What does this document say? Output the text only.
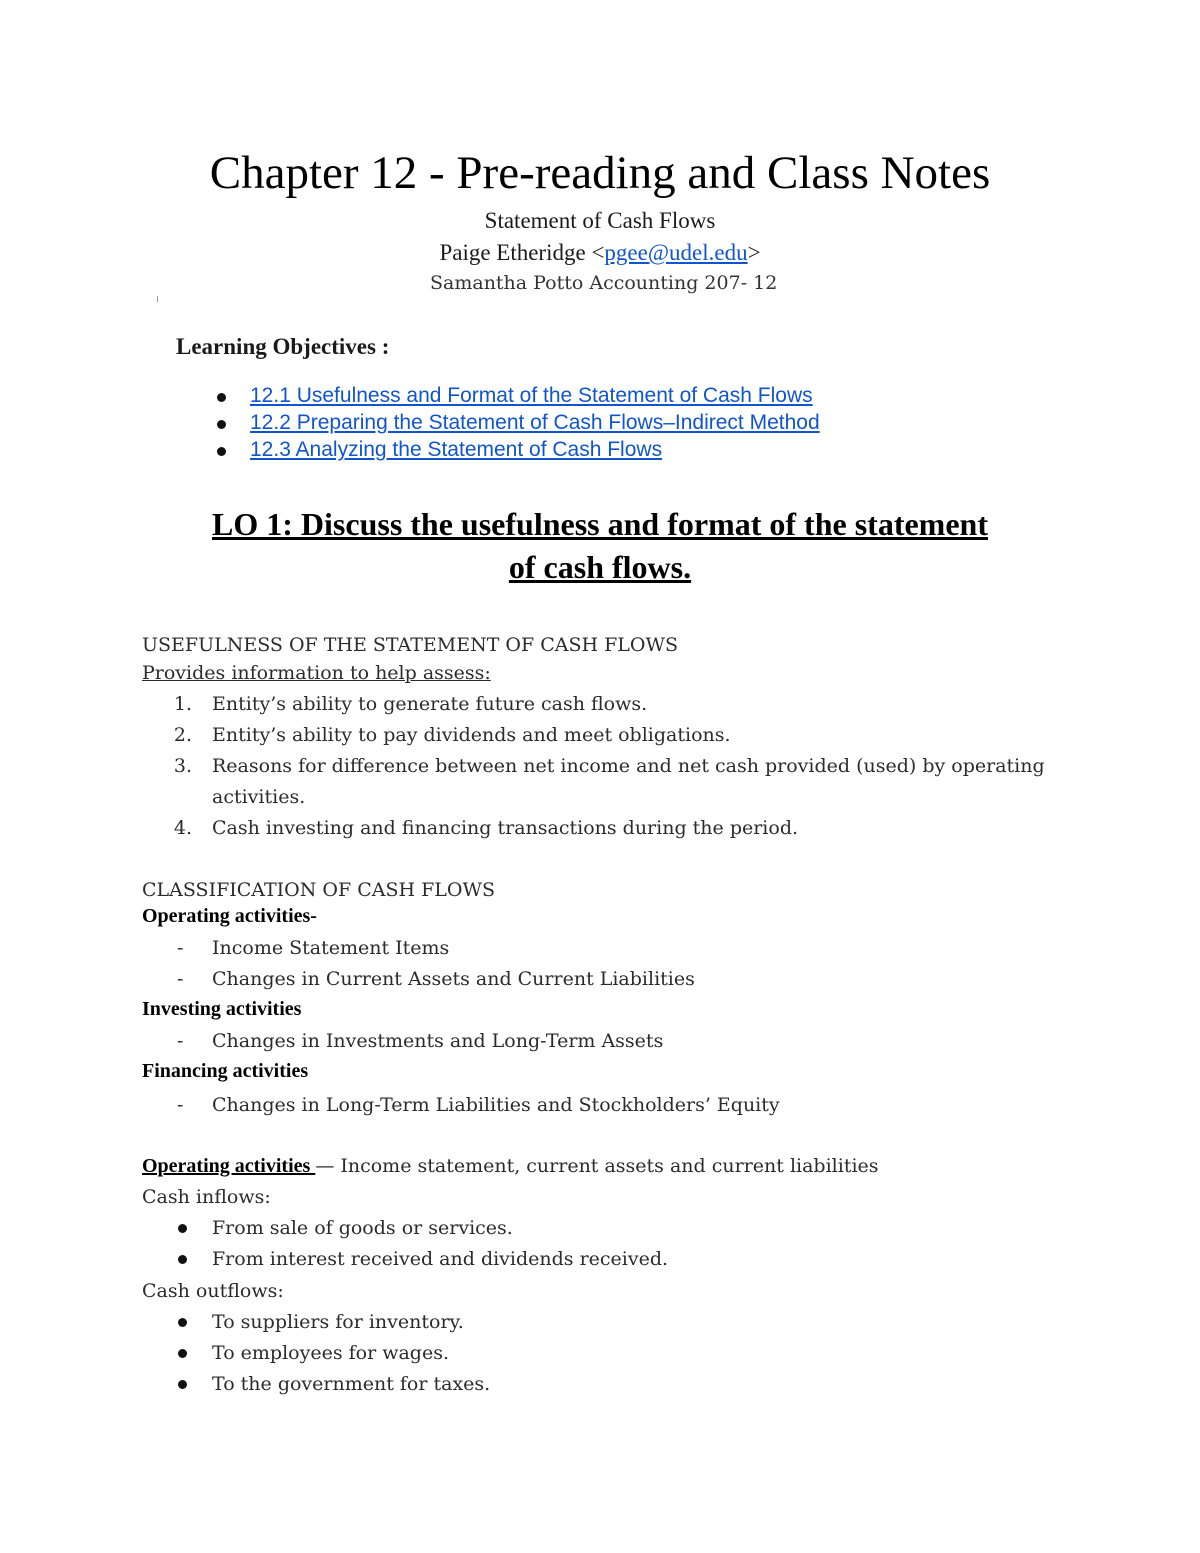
Chapter 12 - Pre-reading and Class Notes
Statement of Cash Flows
Paige Etheridge <pgee@udel.edu>
Samantha Potto Accounting 207- 12
Learning Objectives :
12.1 Usefulness and Format of the Statement of Cash Flows
12.2 Preparing the Statement of Cash Flows–Indirect Method
12.3 Analyzing the Statement of Cash Flows
LO 1: Discuss the usefulness and format of the statement
of cash flows.
USEFULNESS OF THE STATEMENT OF CASH FLOWS
Provides information to help assess:
1. Entity’s ability to generate future cash flows.
2. Entity’s ability to pay dividends and meet obligations.
3. Reasons for difference between net income and net cash provided (used) by operating
activities.
4. Cash investing and financing transactions during the period.
CLASSIFICATION OF CASH FLOWS
Operating activities-
- Income Statement Items
- Changes in Current Assets and Current Liabilities
Investing activities
- Changes in Investments and Long-Term Assets
Financing activities
- Changes in Long-Term Liabilities and Stockholders’ Equity
Operating activities — Income statement, current assets and current liabilities
Cash inflows:
From sale of goods or services.
From interest received and dividends received.
Cash outflows:
To suppliers for inventory.
To employees for wages.
To the government for taxes.
